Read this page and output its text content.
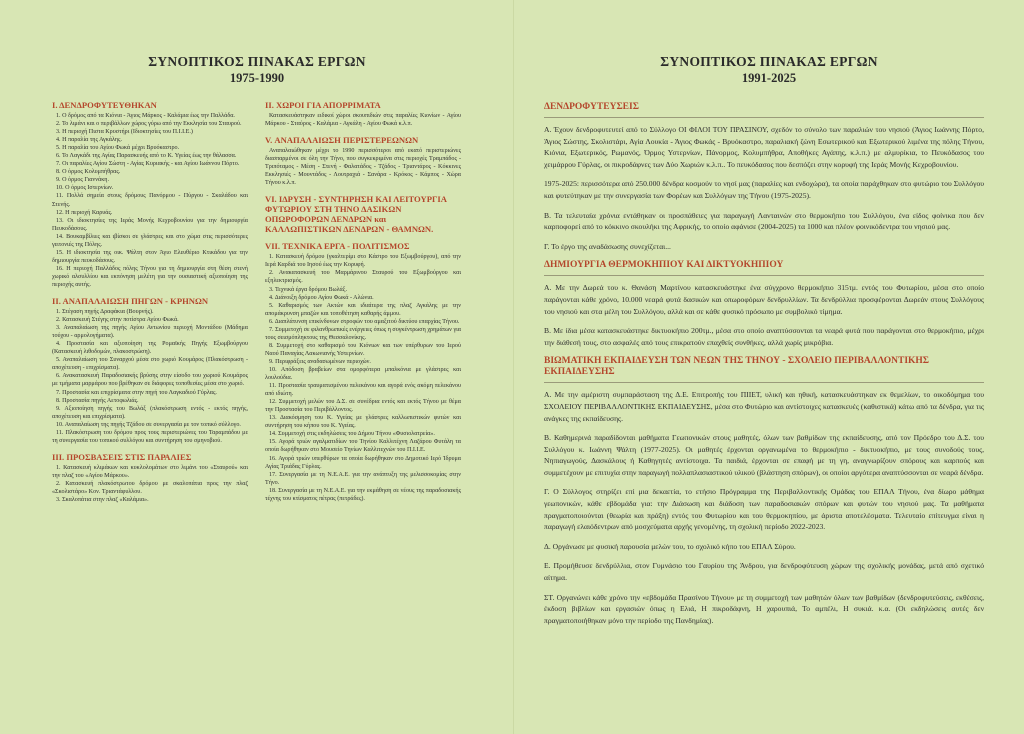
ΣΥΝΟΠΤΙΚΟΣ ΠΙΝΑΚΑΣ ΕΡΓΩΝ
1975-1990
Ι. ΔΕΝΔΡΟΦΥΤΕΥΘΗΚΑΝ

1. Ο δρόμος από τα Κιόνια - Άγιος Μάρκος - Καλάμια έως την Παλλάδα.

2. Το λιμάνι και ο περιβάλλων χώρος γύρω από την Εκκλησία του Σταυρού.

3. Η περιοχή Πιστα Κρυστήρι (Ιδιοκτησίες του Π.Ι.Ι.Ε.)

4. Η παραλία της Αγκάλης.

5. Η παραλία του Αγίου Φωκά μέχρι Βρυόκαστρο.

6. Το Λαγκάδι της Αγίας Παρασκευής από το Κ. Υγείας έως την θάλασσα.

7. Οι παραλίες Αγίου Σώστη - Αγίας Κυριακής - και Αγίου Ιωάννου Πόρτο.

8. Ο όρμος Κολυμπήθρας.

9. Ο όρμος Γιαννάκη.

10. Ο όρμος Ιστερνίων.

11. Πολλά σημεία στους δρόμους Πανόρμου - Πύργου - Σκαλάδου και Στενής.

12. Η περιοχή Καρυάς.

13. Οι ιδιοκτησίες της Ιεράς Μονής Κεχροβουνίου για την δημιουργία Πευκοδάσους.

14. Βουκαμβίλιες και ιβίσκοι σε γλάστρες και στο χώμα στις περισσότερες γειτονιές της Πόλης.

15. Η ιδιοκτησία της οικ. Ψάλτη στον Άγιο Ελευθέριο Κτικάδου για την δημιουργία πευκοδάσους.

16. Η περιοχή Παλλάδος πόλης Τήνου για τη δημιουργία στη θέση στενή χωρικό αλσυλλίου και εκπόνηση μελέτη για την ουσιαστική αξιοποίηση της περιοχής αυτής.

ΙΙ. ΑΝΑΠΑΛΑΙΩΣΗ ΠΗΓΩΝ - ΚΡΗΝΩΝ

1. Στέγαση πηγής Δραφάκια (Βουρνής).

2. Κατασκευή Στέγης στην ποτίστρα Αγίου Φωκά.

3. Αναπαλαίωση της πηγής Αγίου Αντωνίου περιοχή Μοντάδου (Μάδημα τούχου - αρμολογήματα).

4. Προστασία και αξιοποίηση της Ρομαϊκής Πηγής Εξωμβούργου (Κατασκευή λιθοδομών, πλακοστρώση).

5. Αναπαλαίωση του Συναρχού μέσα στο χωριό Κουμάρος (Πλακόστρωση - αποχέτευση - επιχρίσματα).

6. Ανακατασκευή Παραδοσιακής βρύσης στην είσοδο του χωριού Κουμάρος με τμήματα μαρμάρου που βρέθηκαν σε διάφορες τοποθεσίες μέσα στο χωριό.

7. Προστασία και επιχρίσματα στην πηγή του Λαγκαδιού Γύρλας.

8. Προστασία πηγής Αετοφωλιάς.

9. Αξιοποίηση πηγής του Βωλάξ (πλακόστρωση εντός - εκτός πηγής, αποχέτευση και επιχρίσματα).

10. Αναπαλαίωση της πηγής Τζάδου σε συνεργασία με τον τοπικό σύλλογο.

11. Πλακόστρωση του δρόμου προς τους περιστεριώνες του Ταραμπάδου με τη συνεργασία του τοπικού συλλόγου και συντήρηση του σμηνοβιού.

ΙΙΙ. ΠΡΟΣΒΑΣΕΙΣ ΣΤΙΣ ΠΑΡΑΛΙΕΣ

1. Κατασκευή κλιμάκων και κυκλολομάτων στο λιμάνι του «Σταυρού» και την πλαζ του «Αγίου Μάρκου».

2. Κατασκευή πλακόστρωτου δρόμου με σκαλοπάτια προς την πλαζ «Σκολιστάρο» Κον. Τριαντάφυλλου.

3. Σκαλοπάτια στην πλαζ «Καλάμια».

ΙΙ. ΧΩΡΟΙ ΓΙΑ ΑΠΟΡΡΙΜΑΤΑ

Κατασκευάστηκαν ειδικοί χώροι σκουπιδιών στις παραλίες Κιονίων - Αγίου Μάρκου - Σταύρος - Καλάμια - Αγκάλη - Αγίου Φωκά κ.λ.π.

V. ΑΝΑΠΑΛΑΙΩΣΗ ΠΕΡΙΣΤΕΡΕΩΝΩΝ

Αναπαλαιώθηκαν μέχρι το 1990 περισσότεροι από εκατό περιστεριώνες διασπαρμένοι σε όλη την Τήνο, που συγκεκριμένα στις περιοχές Τραμπάδος - Τριπόταμος - Μέση - Στενή - Φαλατάδος - Τζάδος - Τριαντάρος - Κόκκινες Εκκλησιές - Μουντάδος - Λουτραχιά - Σανάρα - Κρόκος - Κάμπος - Χώρα Τήνου κ.λ.π.

VΙ. ΙΔΡΥΣΗ - ΣΥΝΤΗΡΗΣΗ ΚΑΙ ΛΕΙΤΟΥΡΓΙΑ ΦΥΤΩΡΙΟΥ ΣΤΗ ΤΗΝΟ ΔΑΣΙΚΩΝ ΟΠΩΡΟΦΟΡΩΝ ΔΕΝΔΡΩΝ και ΚΑΛΛΩΠΙΣΤΙΚΩΝ ΔΕΝΔΡΩΝ - ΘΑΜΝΩΝ.
VII. ΤΕΧΝΙΚΑ ΕΡΓΑ - ΠΟΛΙΤΙΣΜΟΣ

1. Κατασκευή δρόμου (γκαλτερίμι στο Κάστρο του Εξωμβούργου), από την Ιερά Καρδιά του Ιησού έως την Κορυφή.

2. Ανακατασκευή του Μαρμάρινου Σταυρού του Εξωμβούργου και εξηλεκτρισμός.

3. Τεχνικά έργα δρόμου Βωλάξ.

4. Διάνοιξη δρόμου Αγίου Φωκά - Αλώνια.

5. Καθαρισμός των Ακτών και ιδιαίτερα της πλαζ Αγκάλης με την απομάκρυνση μπαζών και τοποθέτηση καθαρής άμμου.

6. Διαπλάτυνση επικίνδυνων στροφών του αμαξιτού δικτύου επαρχίας Τήνου.

7. Συμμετοχή σε φιλανθρωπικές ενέργειες όπως η συγκέντρωση χρημάτων για τους σεισμόπληκτους της Θεσσαλονίκης.

8. Συμμετοχή στο καθαρισμό του Κιόνιων και των υπέρθυρων του Ιερού Ναού Παναγίας Λακωνιανής Υστερνίων.

9. Περιφράξεις αναδασωμένων περιοχών.

10. Απόδοση βραβείων στα ομορφότερα μπαλκόνια με γλάστρες και λουλούδια.

11. Προστασία τραυματισμένου πελεκάνου και αγορά ενός ακόμη πελεκάνου από ιδιώτη.

12. Συμμετοχή μελών του Δ.Σ. σε συνέδρια εντός και εκτός Τήνου με θέμα την Προστασία του Περιβάλλοντος.

13. Διακόσμηση του Κ. Υγείας με γλάστρες καλλωπιστικών φυτών και συντήρηση του κήπου του Κ. Υγείας.

14. Συμμετοχή στις εκδηλώσεις του Δήμου Τήνου «Φυσιολατρεία».

15. Αγορά τριών αγαλματιδίων του Τηνίου Καλλιτέχνη Λαζάρου Φυτάλη τα οποία δωρήθηκαν στο Μουσείο Τηνίων Καλλιτεχνών του Π.Ι.Ι.Ε.

16. Αγορά τριών υπερθύρων τα οποία δωρήθηκαν στο Δημοτικό Ιερό Ίδρυμα Αγίας Τριάδας Γύρλας.

17. Συνεργασία με τη Ν.Ε.Α.Ε. για την ανάπτυξη της μελισσοκομίας στην Τήνο.

18. Συνεργασία με τη Ν.Ε.Α.Ε. για την εκμάθηση σε νέους της παραδοσιακής τέχνης του κτίσματος πέτρας (πετράδες).

ΣΥΝΟΠΤΙΚΟΣ ΠΙΝΑΚΑΣ ΕΡΓΩΝ
1991-2025
ΔΕΝΔΡΟΦΥΤΕΥΣΕΙΣ

Α. Έχουν δενδροφυτευτεί από το Σύλλογο ΟΙ ΦΙΛΟΙ ΤΟΥ ΠΡΑΣΙΝΟΥ, σχεδόν το σύνολο των παραλιών του νησιού (Άγιος Ιωάννης Πόρτο, Άγιος Σώστης, Σκολιστάρι, Αγία Λουκία - Άγιος Φωκάς - Βρυόκαστρο, παραλιακή ζώνη Εσωτερικού και Εξωτερικού λιμένα της πόλης Τήνου, Κιόνια, Εξωτερικός, Ρωμανός, Όρμος Υστερνίων, Πάνορμος, Κολυμπήθρα, Αποθήκες Αγάπης, κ.λ.π.) με αλμυρίκια, το Πευκόδασος του χειμάρρου Γύρλας, οι πικροδάφνες των Δύο Χωριών κ.λ.π.. Το πευκόδασος που δεσπόζει στην κορυφή της Ιεράς Μονής Κεχροβουνίου.

1975-2025: περισσότερα από 250.000 δένδρα κοσμούν το νησί μας (παραλίες και ενδοχώρα), τα οποία παράχθηκαν στο φυτώριο του Συλλόγου και φυτεύτηκαν με την συνεργασία των Φορέων και Συλλόγων της Τήνου (1975-2025).

Β. Τα τελευταία χρόνια εντάθηκαν οι προσπάθειες για παραγωγή Λανταινών στο θερμοκήπιο του Συλλόγου, ένα είδος φοίνικα που δεν καρποφορεί από το κόκκινο σκουλήκι της Αφρικής, το οποίο αφάνισε (2004-2025) τα 1000 και πλέον φοινικόδεντρα του νησιού μας.

Γ. Το έργο της αναδάσωσης συνεχίζεται...

ΔΗΜΙΟΥΡΓΙΑ ΘΕΡΜΟΚΗΠΙΟΥ ΚΑΙ ΔΙΚΤΥΟΚΗΠΙΟΥ

Α. Με την Δωρεά του κ. Θανάση Μαρτίνου κατασκευάστηκε ένα σύγχρονο θερμοκήπιο 315τμ. εντός του Φυτωρίου, μέσα στο οποίο παράγονται κάθε χρόνο, 10.000 νεαρά φυτά δασικών και οπωροφόρων δενδρυλλίων. Τα δενδρύλλια προσφέρονται Δωρεάν στους Συλλόγους του νησιού και στα μέλη του Συλλόγου, αλλά και σε κάθε φυσικό πρόσωπο με συμβολικό τίμημα.

Β. Με ίδια μέσα κατασκευάστηκε δικτυοκήπιο 200τμ., μέσα στο οποίο αναπτύσσονται τα νεαρά φυτά που παράγονται στο θερμοκήπιο, μέχρι την διάθεσή τους, στο ασφαλές από τους επικρατούν επαχθείς συνθήκες, αλλά χωρίς μικρόβια.

ΒΙΩΜΑΤΙΚΗ ΕΚΠΑΙΔΕΥΣΗ ΤΩΝ ΝΕΩΝ ΤΗΣ ΤΗΝΟΥ - ΣΧΟΛΕΙΟ ΠΕΡΙΒΑΛΛΟΝΤΙΚΗΣ ΕΚΠΑΙΔΕΥΣΗΣ

Α. Με την αμέριστη συμπαράσταση της Δ.Ε. Επιτροπής του ΠΙΙΕΤ, υλική και ηθική, κατασκευάστηκαν εκ θεμελίων, το οικοδόμημα του ΣΧΟΛΕΙΟΥ ΠΕΡΙΒΑΛΛΟΝΤΙΚΗΣ ΕΚΠΑΙΔΕΥΣΗΣ, μέσα στο Φυτώριο και αντίστοιχες κατασκευές (καθιστικά) κάτω από τα δένδρα, για τις ανάγκες της εκπαίδευσης.

Β. Καθημερινά παραδίδονται μαθήματα Γεωπονικών στους μαθητές, όλων των βαθμίδων της εκπαίδευσης, από τον Πρόεδρο του Δ.Σ. του Συλλόγου κ. Ιωάννη Ψάλτη (1977-2025). Οι μαθητές έρχονται οργανωμένα το θερμοκήπιο - δικτυοκήπιο, με τους συνοδούς τους, Νηπιαγωγούς, Δασκάλους ή Καθηγητές αντίστοιχα. Τα παιδιά, έρχονται σε επαφή με τη γη, αναγνωρίζουν σπόρους και καρπούς και συμμετέχουν με επιτυχία στην παραγωγή πολλαπλασιαστικού υλικού (βλάστηση σπόρων), οι οποίοι αργότερα αναπτύσσονται σε νεαρά δένδρα.

Γ. Ο Σύλλογος στηρίζει επί μια δεκαετία, το ετήσιο Πρόγραμμα της Περιβαλλοντικής Ομάδας του ΕΠΑΛ Τήνου, ένα δίωρο μάθημα γεωπονικών, κάθε εβδομάδα για: την Διάσωση και διάδοση των παραδοσιακών σπόρων και φυτών του νησιού μας. Τα μαθήματα πραγματοποιούνται (θεωρία και πράξη) εντός του Φυτωρίου και του θερμοκηπίου, με άριστα αποτελέσματα. Τελευταίο επίτευγμα είναι η παραγωγή ελαιόδεντρων από μοσχεύματα αρχής γενομένης, τη σχολική περίοδο 2022-2023.

Δ. Οργάνωσε με φυσική παρουσία μελών του, το σχολικό κήπο του ΕΠΑΛ Σύρου.

Ε. Προμήθευσε δενδρύλλια, στον Γυμνάσιο του Γαυρίου της Άνδρου, για δενδροφύτευση χώρων της σχολικής μονάδας, μετά από σχετικό αίτημα.

ΣΤ. Οργανώνει κάθε χρόνο την «εβδομάδα Πρασίνου Τήνου» με τη συμμετοχή των μαθητών όλων των βαθμίδων (δενδροφυτεύσεις, εκθέσεις, έκδοση βιβλίων και εργασιών όπως η Ελιά, Η πικροδάφνη, Η χαρουπιά, Το αμπέλι, Η συκιά. κ.α. (Οι εκδηλώσεις αυτές δεν πραγματοποιήθηκαν μόνο την περίοδο της Πανδημίας).
